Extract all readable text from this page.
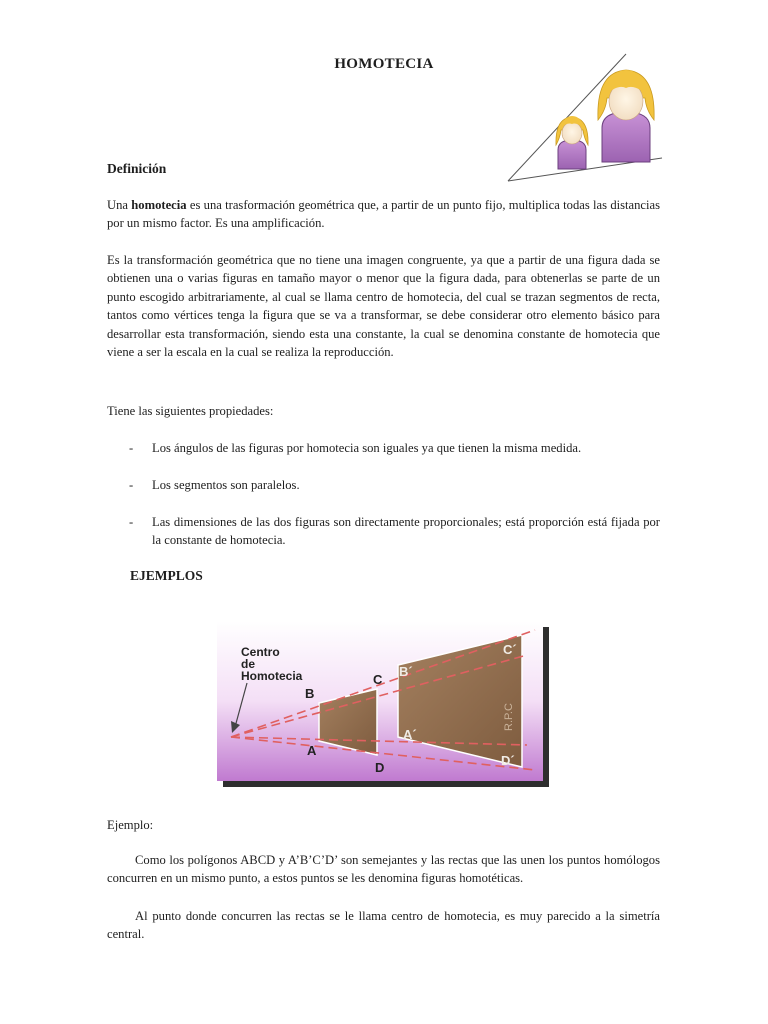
HOMOTECIA
Definición
Una homotecia es una trasformación geométrica que, a partir de un punto fijo, multiplica todas las distancias por un mismo factor. Es una amplificación.
Es la transformación geométrica que no tiene una imagen congruente, ya que a partir de una figura dada se obtienen una o varias figuras en tamaño mayor o menor que la figura dada, para obtenerlas se parte de un punto escogido arbitrariamente, al cual se llama centro de homotecia, del cual se trazan segmentos de recta, tantos como vértices tenga la figura que se va a transformar, se debe considerar otro elemento básico para desarrollar esta transformación, siendo esta una constante, la cual se denomina constante de homotecia que viene a ser la escala en la cual se realiza la reproducción.
Tiene las siguientes propiedades:
- Los ángulos de las figuras por homotecia son iguales ya que tienen la misma medida.
- Los segmentos son paralelos.
- Las dimensiones de las dos figuras son directamente proporcionales; está proporción está fijada por la constante de homotecia.
EJEMPLOS
R.P.C
Centro
de
Homotecia
B
C
A
D
B´
C´
A´
D´
Ejemplo:
Como los polígonos ABCD y A’B’C’D’ son semejantes y las rectas que las unen los puntos homólogos concurren en un mismo punto, a estos puntos se les denomina figuras homotéticas.
Al punto donde concurren las rectas se le llama centro de homotecia, es muy parecido a la simetría central.
